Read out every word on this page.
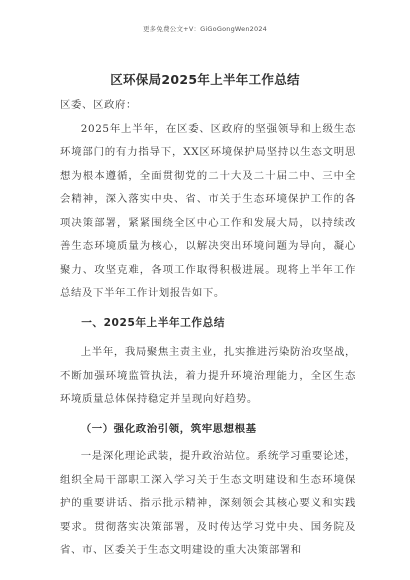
更多免费公文+V：GiGoGongWen2024
区环保局2025年上半年工作总结

区委、区政府：

2025年上半年，在区委、区政府的坚强领导和上级生态环境部门的有力指导下，XX区环境保护局坚持以生态文明思想为根本遵循，全面贯彻党的二十大及二十届二中、三中全会精神，深入落实中央、省、市关于生态环境保护工作的各项决策部署，紧紧围绕全区中心工作和发展大局，以持续改善生态环境质量为核心，以解决突出环境问题为导向，凝心聚力、攻坚克难，各项工作取得积极进展。现将上半年工作总结及下半年工作计划报告如下。

一、2025年上半年工作总结

上半年，我局聚焦主责主业，扎实推进污染防治攻坚战，不断加强环境监管执法，着力提升环境治理能力，全区生态环境质量总体保持稳定并呈现向好趋势。

（一）强化政治引领，筑牢思想根基

一是深化理论武装，提升政治站位。系统学习重要论述，组织全局干部职工深入学习关于生态文明建设和生态环境保护的重要讲话、指示批示精神，深刻领会其核心要义和实践要求。贯彻落实决策部署，及时传达学习党中央、国务院及省、市、区委关于生态文明建设的重大决策部署和
